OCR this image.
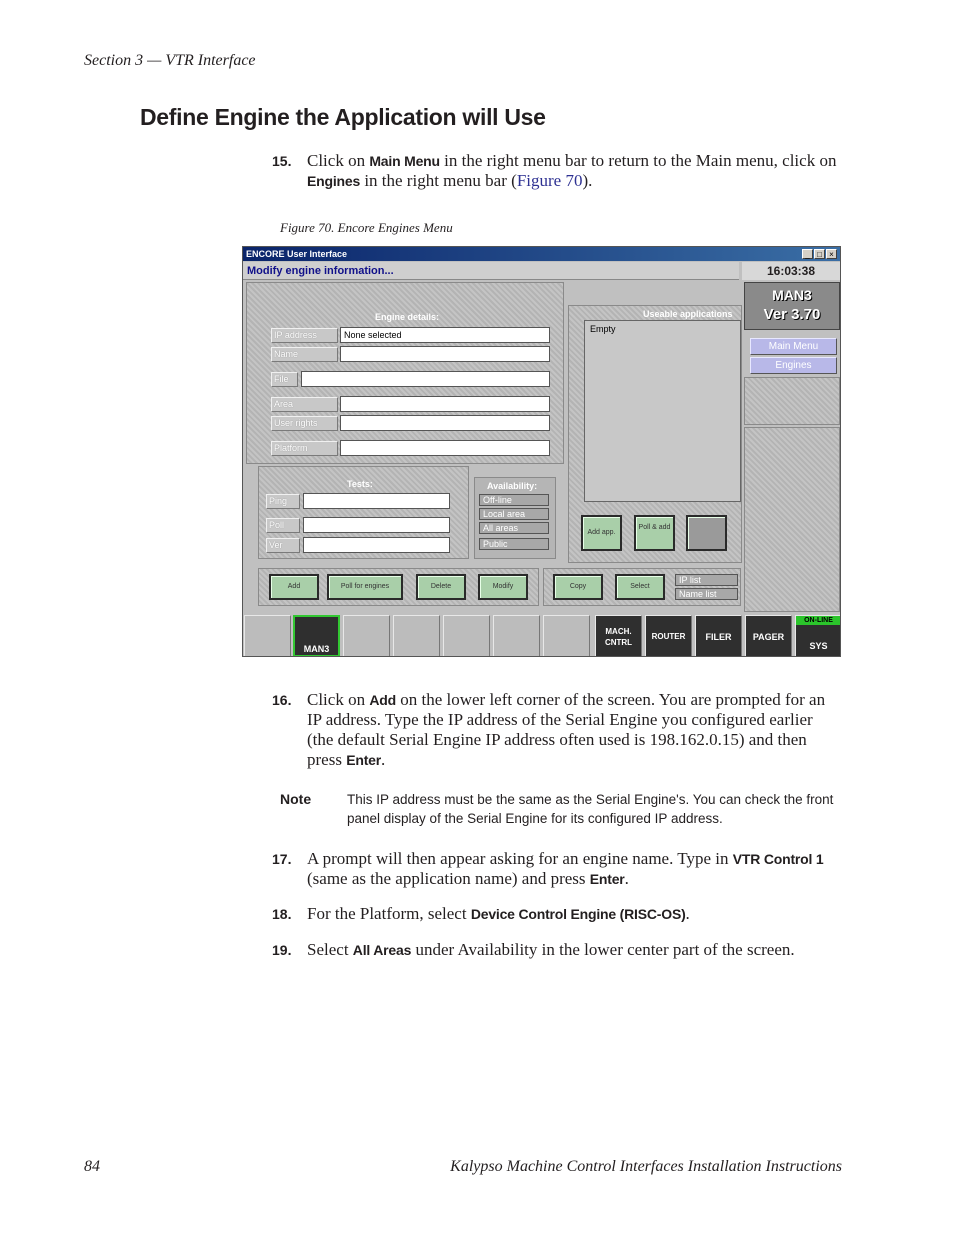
Section 3 — VTR Interface
Define Engine the Application will Use
15. Click on Main Menu in the right menu bar to return to the Main menu, click on Engines in the right menu bar (Figure 70).
Figure 70. Encore Engines Menu
ENCORE User Interface	_ □ ×
Modify engine information...	16:03:38
MAN3
Ver 3.70
Main Menu
Engines
Engine details:
IP address	None selected
Name
File
Area
User rights
Platform
Tests:
Ping
Poll
Ver
Availability:
Off-line
Local area
All areas
Public
Useable applications
Empty
Add app.
Poll & add
Add	Poll for engines	Delete	Modify	Copy	Select
IP list
Name list
MAN3
MACH. CNTRL
ROUTER	FILER	PAGER
ON-LINE
SYS
16. Click on Add on the lower left corner of the screen. You are prompted for an IP address. Type the IP address of the Serial Engine you configured earlier (the default Serial Engine IP address often used is 198.162.0.15) and then press Enter.
Note	This IP address must be the same as the Serial Engine's. You can check the front panel display of the Serial Engine for its configured IP address.
17. A prompt will then appear asking for an engine name. Type in VTR Control 1 (same as the application name) and press Enter.
18. For the Platform, select Device Control Engine (RISC-OS).
19. Select All Areas under Availability in the lower center part of the screen.
84	Kalypso Machine Control Interfaces Installation Instructions
